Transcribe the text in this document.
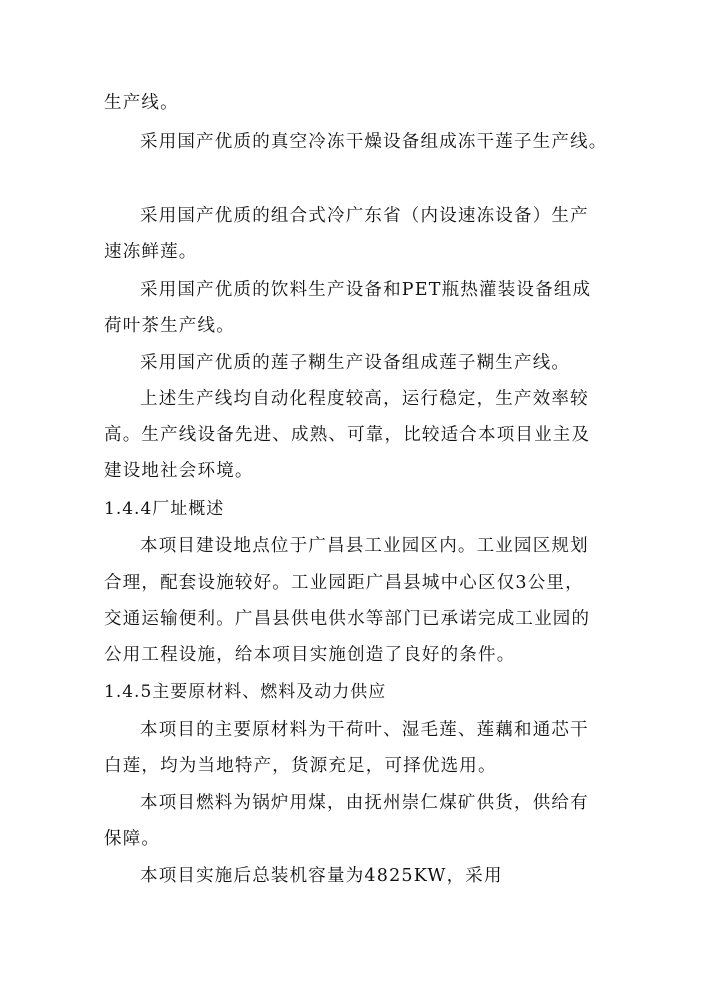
生产线。
采用国产优质的真空冷冻干燥设备组成冻干莲子生产线。
采用国产优质的组合式冷广东省（内设速冻设备）生产
速冻鲜莲。
采用国产优质的饮料生产设备和PET瓶热灌装设备组成
荷叶茶生产线。
采用国产优质的莲子糊生产设备组成莲子糊生产线。
上述生产线均自动化程度较高，运行稳定，生产效率较
高。生产线设备先进、成熟、可靠，比较适合本项目业主及
建设地社会环境。
1.4.4厂址概述
本项目建设地点位于广昌县工业园区内。工业园区规划
合理，配套设施较好。工业园距广昌县城中心区仅3公里，
交通运输便利。广昌县供电供水等部门已承诺完成工业园的
公用工程设施，给本项目实施创造了良好的条件。
1.4.5主要原材料、燃料及动力供应
本项目的主要原材料为干荷叶、湿毛莲、莲藕和通芯干
白莲，均为当地特产，货源充足，可择优选用。
本项目燃料为锅炉用煤，由抚州崇仁煤矿供货，供给有
保障。
本项目实施后总装机容量为4825KW，采用
